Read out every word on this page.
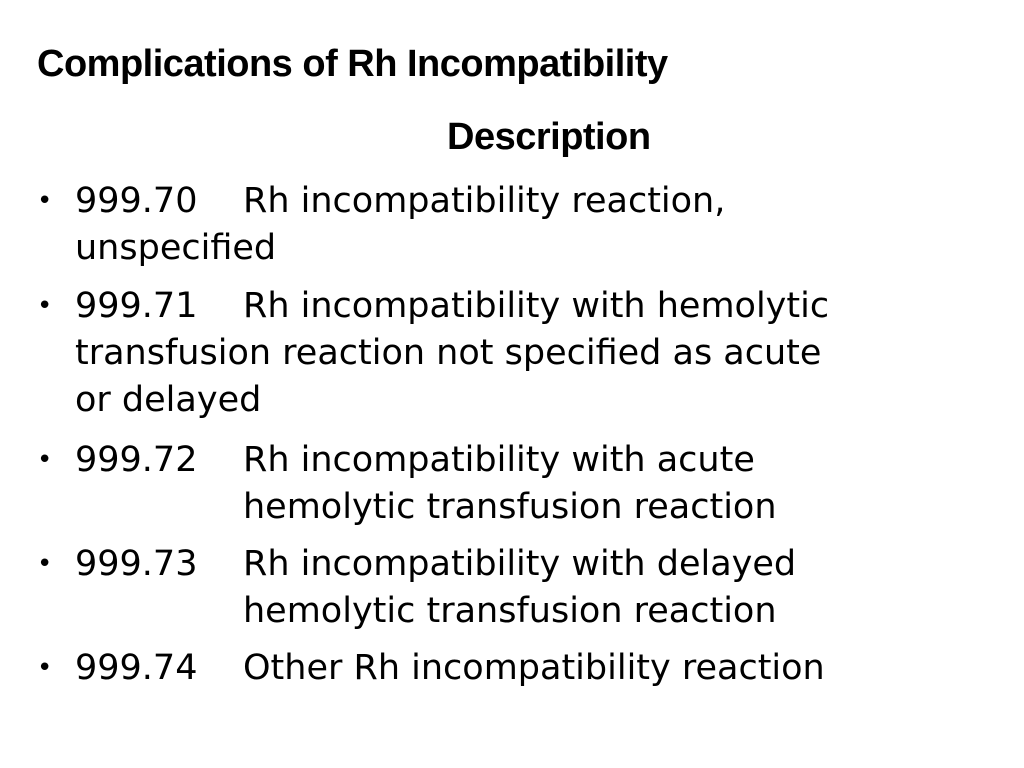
Complications of Rh Incompatibility
Description
• 999.70 Rh incompatibility reaction,
unspecified
• 999.71 Rh incompatibility with hemolytic
transfusion reaction not specified as acute
or delayed
• 999.72 Rh incompatibility with acute
hemolytic transfusion reaction
• 999.73 Rh incompatibility with delayed
hemolytic transfusion reaction
• 999.74 Other Rh incompatibility reaction
